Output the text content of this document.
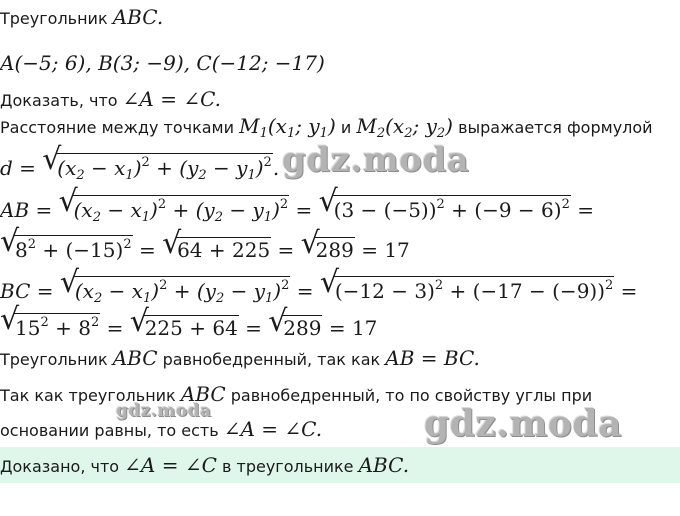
Треугольник ABC.
A(−5; 6), B(3; −9), C(−12; −17)
Доказать, что ∠A = ∠C.
Расстояние между точками $M_1(x_1$; $y_1$) и $M_2(x_2$; $y_2$) выражается формулой
d = √
$(x_2 - x_1)^2 + (y_2 - y_1)^2$.
AB = √
$(x_2 - x_1)^2 + (y_2 - y_1)^2$ = √
$(3 - (-5))^2 + (-9 - 6)^2$ =
√
$8^2 + (-15)^2$ = √
64 + 225 = √
289 = 17
BC = √
$(x_2 - x_1)^2 + (y_2 - y_1)^2$ = √
$(-12 - 3)^2 + (-17 - (-9))^2$ =
√
$15^2 + 8^2$ = √
225 + 64 = √
289 = 17
Треугольник ABC равнобедренный, так как AB = BC.
Так как треугольник ABC равнобедренный, то по свойству углы при
основании равны, то есть ∠A = ∠C.
Доказано, что ∠A = ∠C в треугольнике ABC.
gdz.moda
gdz.moda	gdz.moda
